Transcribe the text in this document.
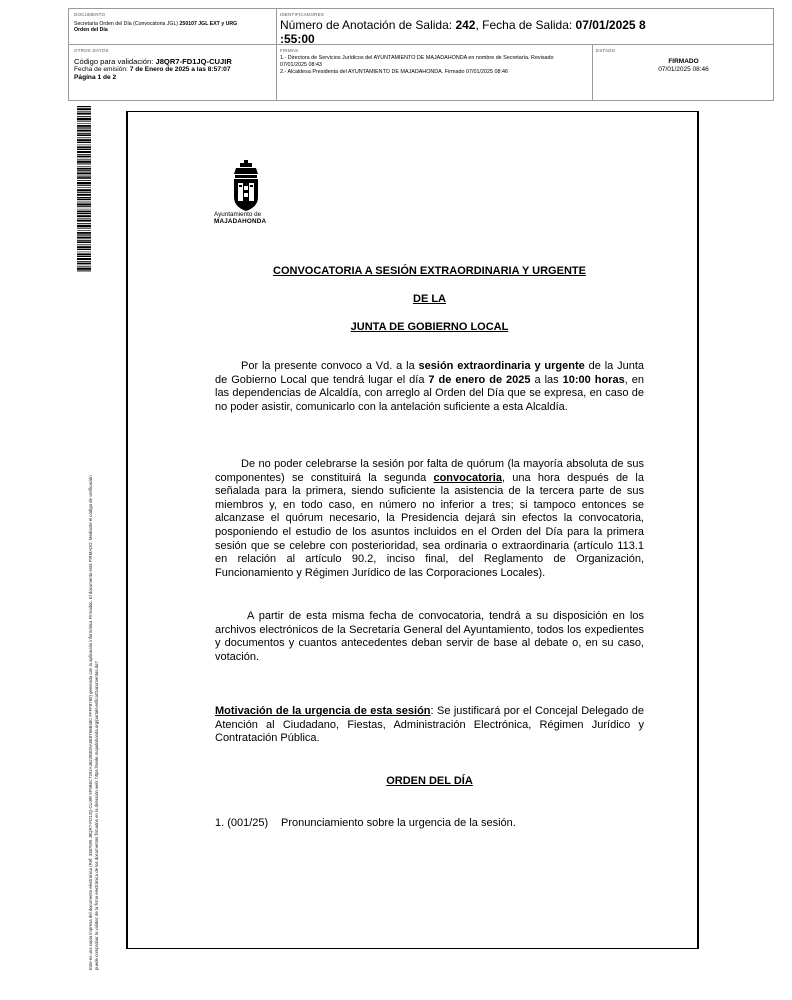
DOCUMENTO
Secretaría Orden del Día (Convocatoria JGL) 250107 JGL EXT y URG
Orden del Día
IDENTIFICADORES
Número de Anotación de Salida: 242, Fecha de Salida: 07/01/2025 8
:55:00
OTROS DATOS
Código para validación: J8QR7-FD1JQ-CUJIR
Fecha de emisión: 7 de Enero de 2025 a las 8:57:07
Página 1 de 2
FIRMAS
1.- Directora de Servicios Jurídicos del AYUNTAMIENTO DE MAJADAHONDA en nombre de Secretaría. Revisado
07/01/2025 08:43
2.- Alcaldesa Presidenta del AYUNTAMIENTO DE MAJADAHONDA. Firmado 07/01/2025 08:46
ESTADO
FIRMADO
07/01/2025 08:46
Este es una copia impresa del documento electrónico (Ref: 3387595 J8QR7-FD1JQ-CUJIR 9F5B5C7292A4622B3D5A5E0765B48C FFFF8769) generada con la aplicación informática Firmadoc. El documento está FIRMADO. Mediante el código de verificación puede comprobar la validez de la firma electrónica de los documentos firmados en la dirección web: https://sede.majadahonda.org/portal/verificarDocumentos.do?
Ayuntamiento de
MAJADAHONDA
CONVOCATORIA A SESIÓN EXTRAORDINARIA Y URGENTE
DE LA
JUNTA DE GOBIERNO LOCAL
Por la presente convoco a Vd. a la sesión extraordinaria y urgente de la Junta de Gobierno Local que tendrá lugar el día 7 de enero de 2025 a las 10:00 horas, en las dependencias de Alcaldía, con arreglo al Orden del Día que se expresa, en caso de no poder asistir, comunicarlo con la antelación suficiente a esta Alcaldía.
De no poder celebrarse la sesión por falta de quórum (la mayoría absoluta de sus componentes) se constituirá la segunda convocatoria, una hora después de la señalada para la primera, siendo suficiente la asistencia de la tercera parte de sus miembros y, en todo caso, en número no inferior a tres; si tampoco entonces se alcanzase el quórum necesario, la Presidencia dejará sin efectos la convocatoria, posponiendo el estudio de los asuntos incluidos en el Orden del Día para la primera sesión que se celebre con posterioridad, sea ordinaria o extraordinaria (artículo 113.1 en relación al artículo 90.2, inciso final, del Reglamento de Organización, Funcionamiento y Régimen Jurídico de las Corporaciones Locales).
A partir de esta misma fecha de convocatoria, tendrá a su disposición en los archivos electrónicos de la Secretaría General del Ayuntamiento, todos los expedientes y documentos y cuantos antecedentes deban servir de base al debate o, en su caso, votación.
Motivación de la urgencia de esta sesión: Se justificará por el Concejal Delegado de Atención al Ciudadano, Fiestas, Administración Electrónica, Régimen Jurídico y Contratación Pública.
ORDEN DEL DÍA
1. (001/25) Pronunciamiento sobre la urgencia de la sesión.
